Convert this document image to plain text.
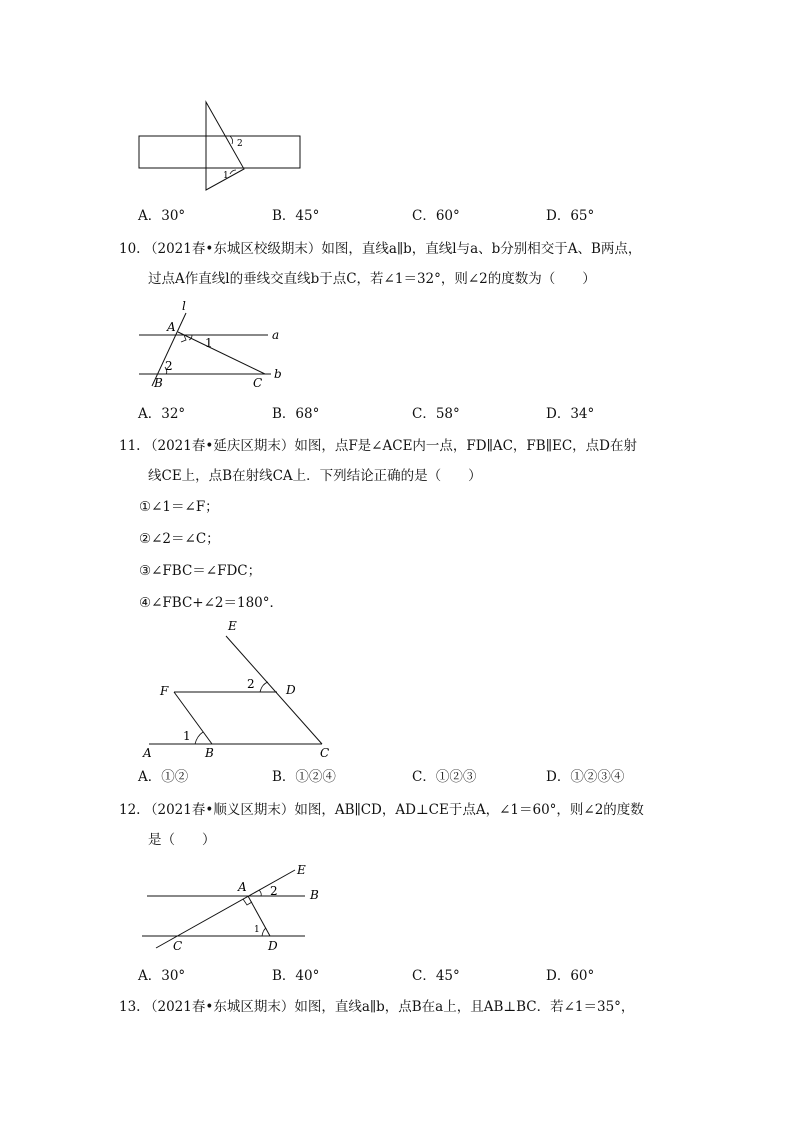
2
1
A．30°	B．45°	C．60°	D．65°
10. （2021春•东城区校级期末）如图，直线a∥b，直线l与a、b分别相交于A、B两点，
过点A作直线l的垂线交直线b于点C，若∠1＝32°，则∠2的度数为（　　）
l
a
b
A
B	C
1
2
A．32°	B．68°	C．58°	D．34°
11. （2021春•延庆区期末）如图，点F是∠ACE内一点，FD∥AC，FB∥EC，点D在射
线CE上，点B在射线CA上．下列结论正确的是（　　）
①∠1＝∠F；
②∠2＝∠C；
③∠FBC＝∠FDC；
④∠FBC+∠2＝180°．
E
F	D
A	B	C
1
2
A．①②	B．①②④	C．①②③	D．①②③④
12. （2021春•顺义区期末）如图，AB∥CD，AD⊥CE于点A，∠1＝60°，则∠2的度数
是（　　）
E
A
B
C	D
1
2
A．30°	B．40°	C．45°	D．60°
13. （2021春•东城区期末）如图，直线a∥b，点B在a上，且AB⊥BC．若∠1＝35°，
